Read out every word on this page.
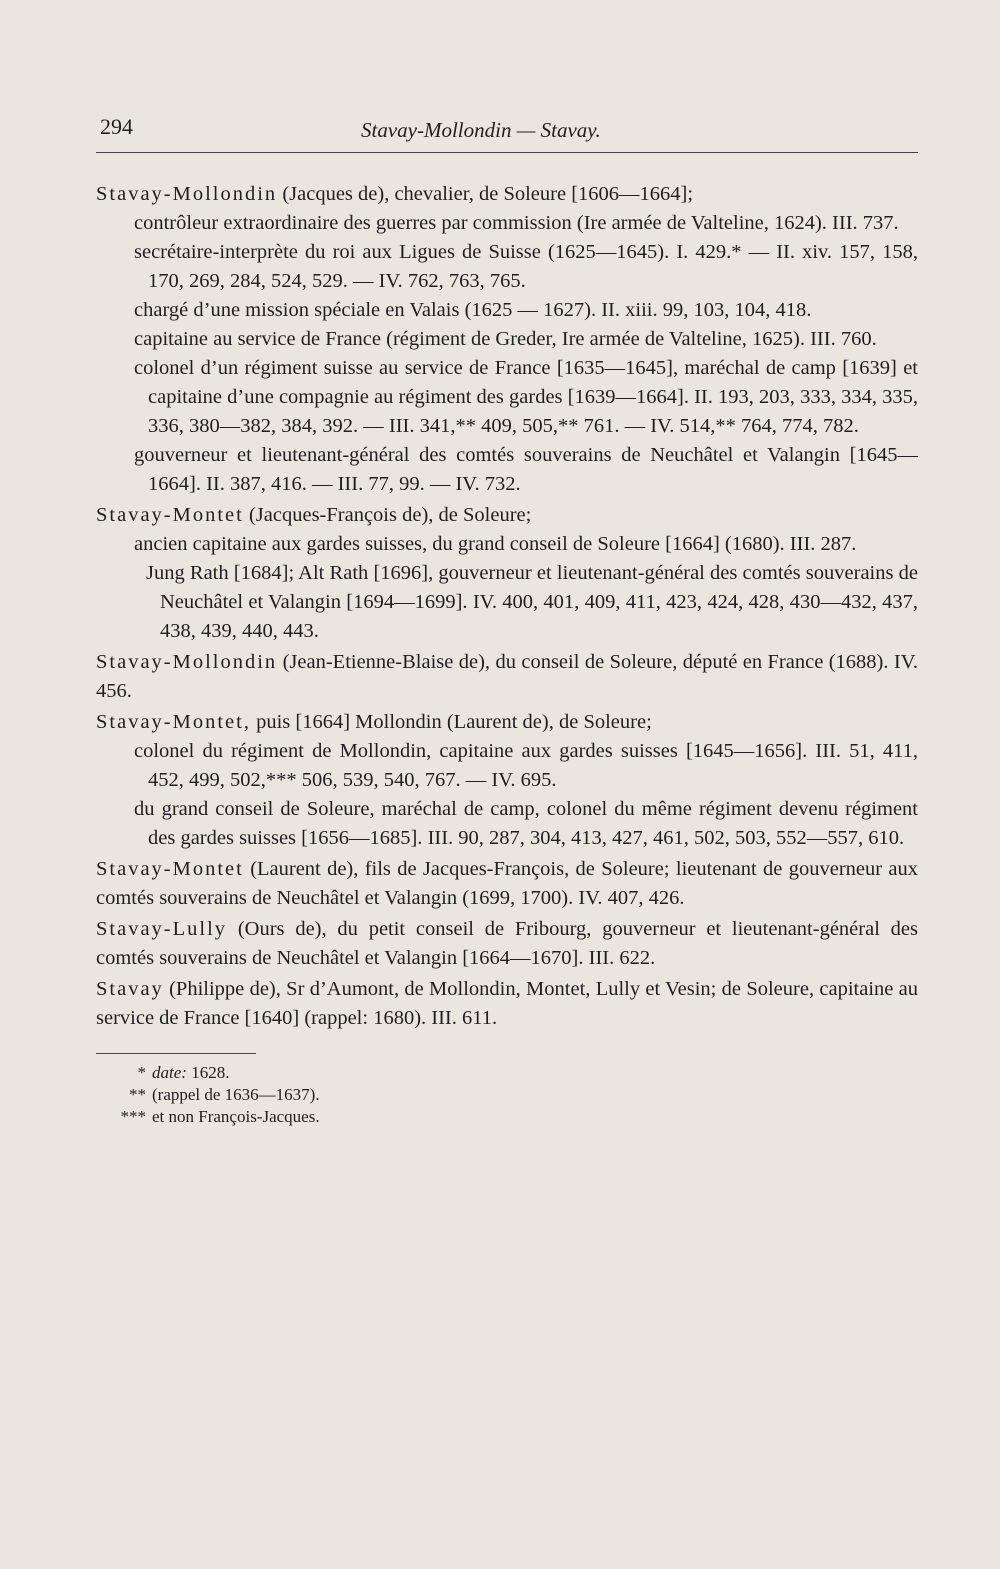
294	Stavay-Mollondin — Stavay.
Stavay-Mollondin (Jacques de), chevalier, de Soleure [1606—1664];
contrôleur extraordinaire des guerres par commission (Ire armée de Valteline, 1624). III. 737.
secrétaire-interprète du roi aux Ligues de Suisse (1625—1645). I. 429.* — II. xiv. 157, 158, 170, 269, 284, 524, 529. — IV. 762, 763, 765.
chargé d’une mission spéciale en Valais (1625 — 1627). II. xiii. 99, 103, 104, 418.
capitaine au service de France (régiment de Greder, Ire armée de Valteline, 1625). III. 760.
colonel d’un régiment suisse au service de France [1635—1645], maréchal de camp [1639] et capitaine d’une compagnie au régiment des gardes [1639—1664]. II. 193, 203, 333, 334, 335, 336, 380—382, 384, 392. — III. 341,** 409, 505,** 761. — IV. 514,** 764, 774, 782.
gouverneur et lieutenant-général des comtés souverains de Neuchâtel et Valangin [1645—1664]. II. 387, 416. — III. 77, 99. — IV. 732.
Stavay-Montet (Jacques-François de), de Soleure;
ancien capitaine aux gardes suisses, du grand conseil de Soleure [1664] (1680). III. 287.
Jung Rath [1684]; Alt Rath [1696], gouverneur et lieutenant-général des comtés souverains de Neuchâtel et Valangin [1694—1699]. IV. 400, 401, 409, 411, 423, 424, 428, 430—432, 437, 438, 439, 440, 443.
Stavay-Mollondin (Jean-Etienne-Blaise de), du conseil de Soleure, député en France (1688). IV. 456.
Stavay-Montet, puis [1664] Mollondin (Laurent de), de Soleure;
colonel du régiment de Mollondin, capitaine aux gardes suisses [1645—1656]. III. 51, 411, 452, 499, 502,*** 506, 539, 540, 767. — IV. 695.
du grand conseil de Soleure, maréchal de camp, colonel du même régiment devenu régiment des gardes suisses [1656—1685]. III. 90, 287, 304, 413, 427, 461, 502, 503, 552—557, 610.
Stavay-Montet (Laurent de), fils de Jacques-François, de Soleure; lieutenant de gouverneur aux comtés souverains de Neuchâtel et Valangin (1699, 1700). IV. 407, 426.
Stavay-Lully (Ours de), du petit conseil de Fribourg, gouverneur et lieutenant-général des comtés souverains de Neuchâtel et Valangin [1664—1670]. III. 622.
Stavay (Philippe de), Sr d’Aumont, de Mollondin, Montet, Lully et Vesin; de Soleure, capitaine au service de France [1640] (rappel: 1680). III. 611.
* date: 1628.
** (rappel de 1636—1637).
*** et non François-Jacques.
